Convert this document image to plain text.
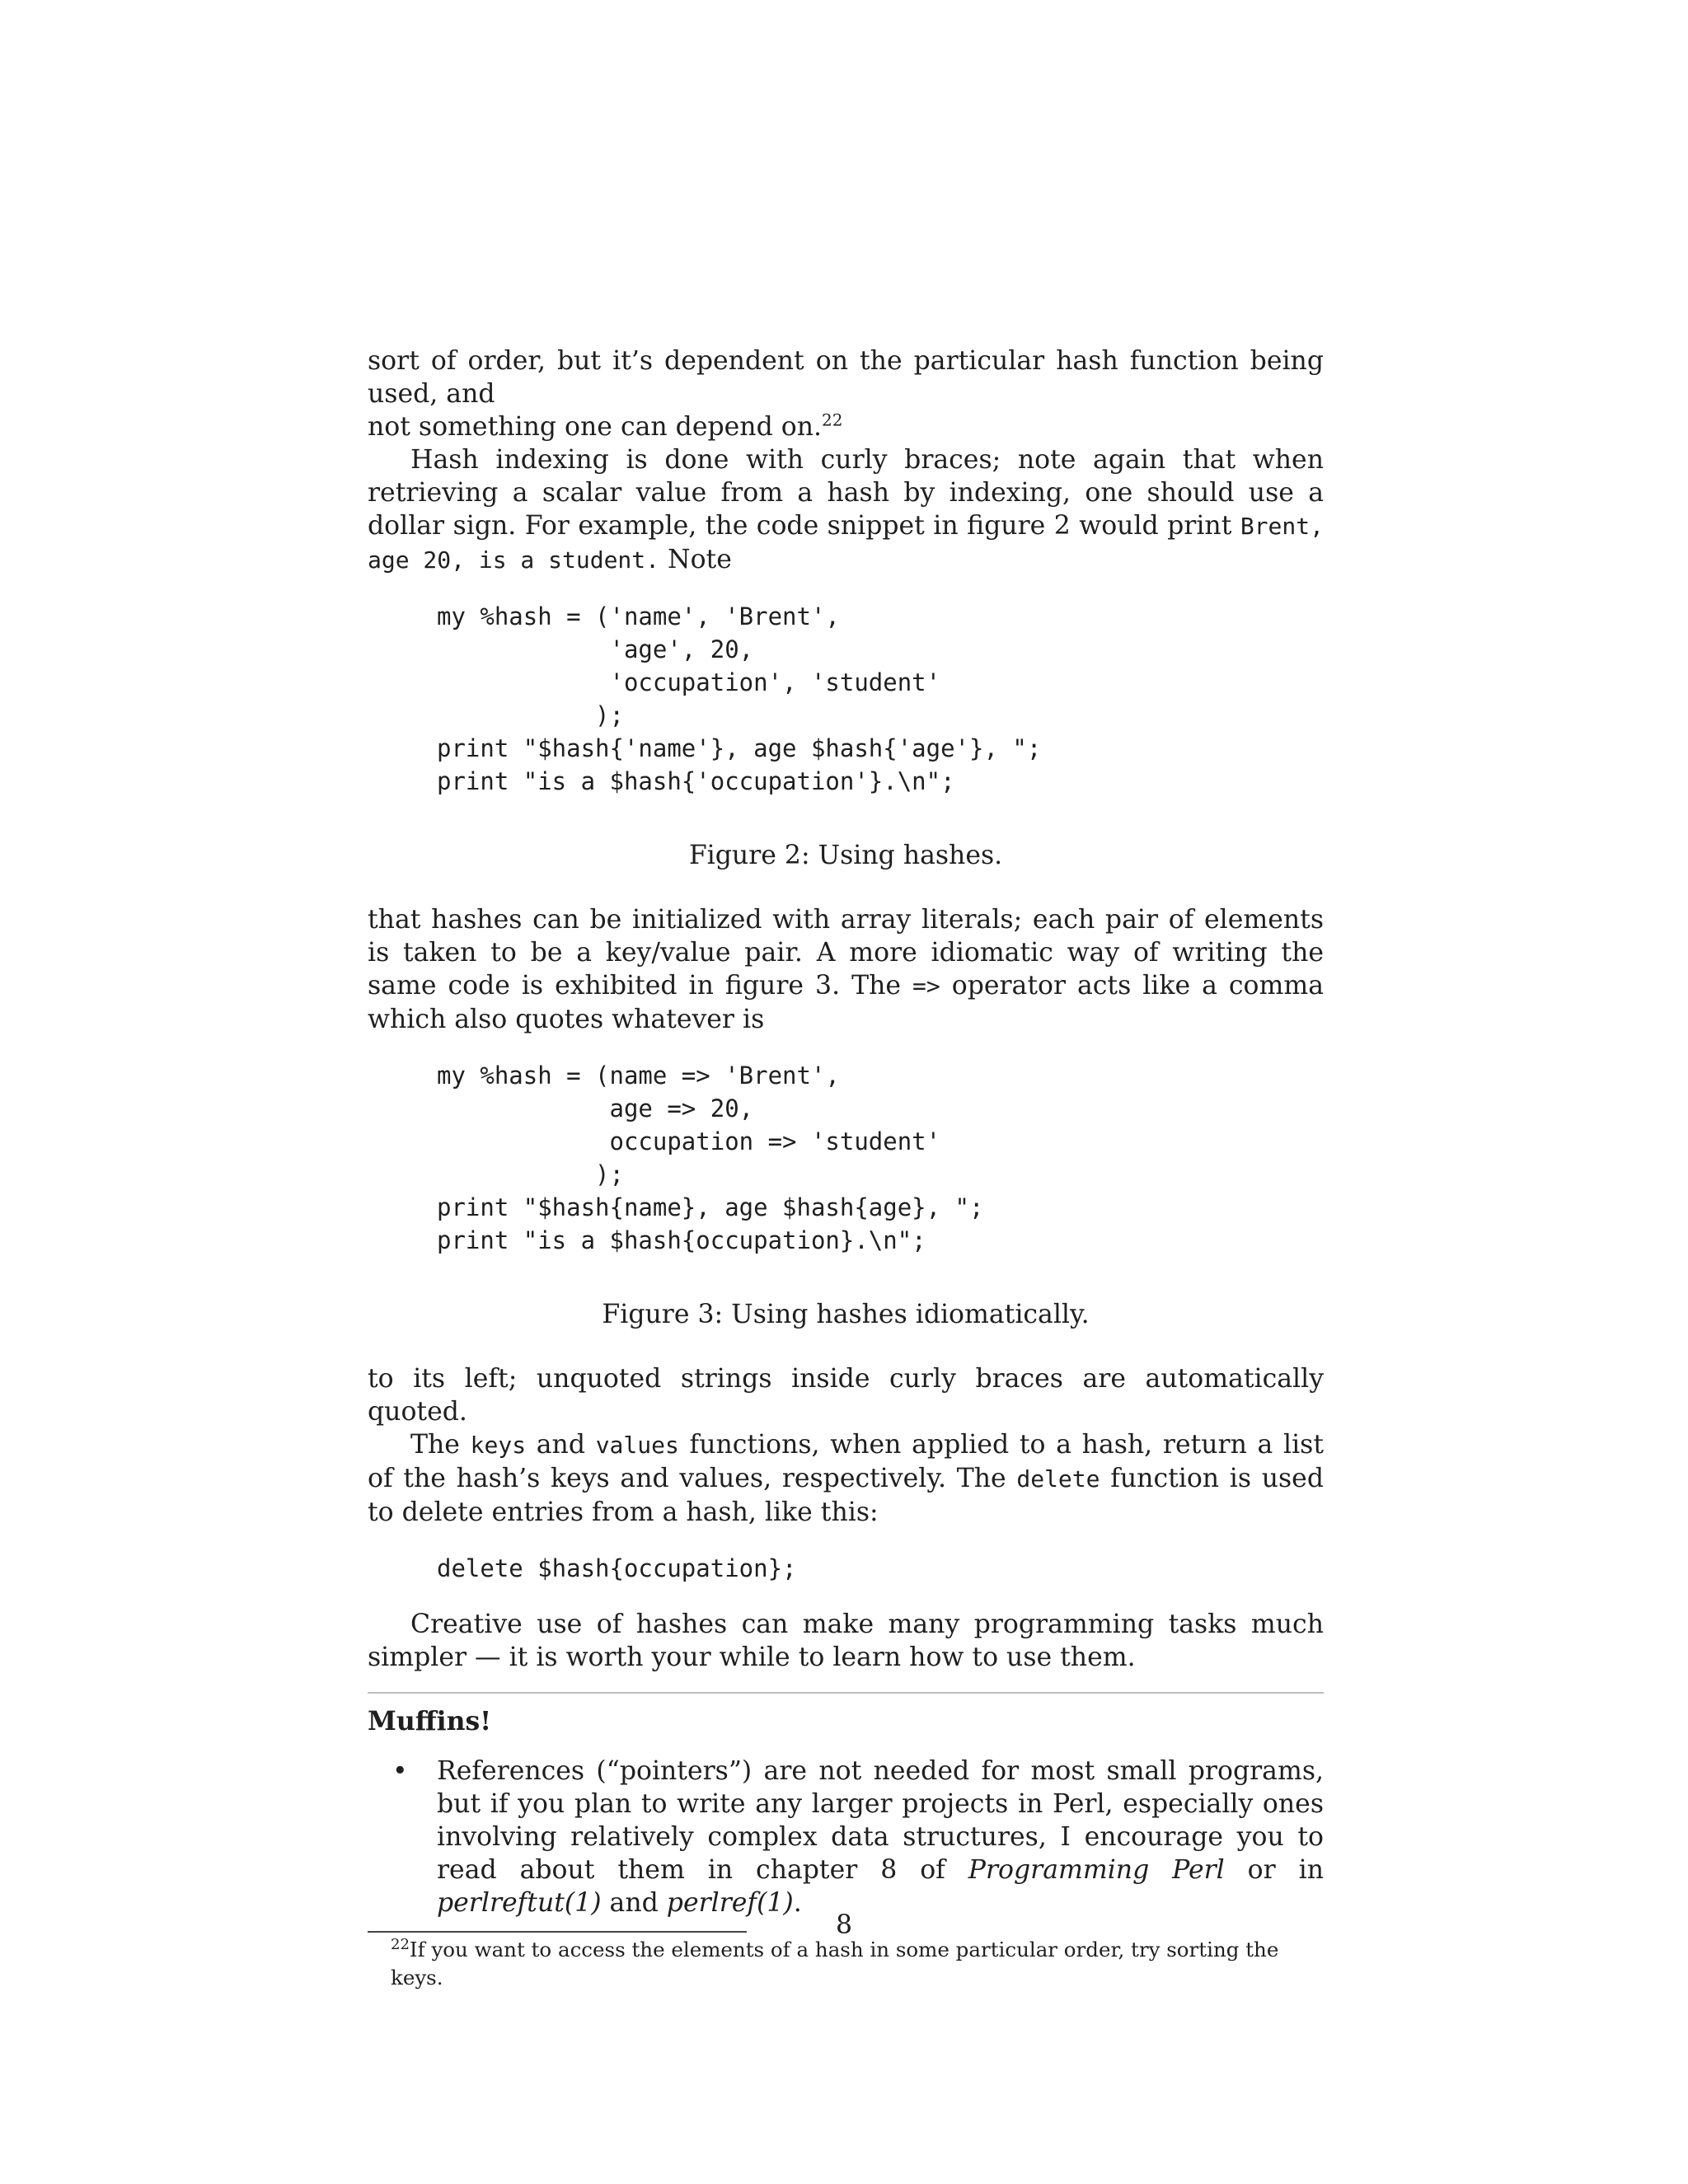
sort of order, but it’s dependent on the particular hash function being used, and
not something one can depend on.$^{22}$

Hash indexing is done with curly braces; note again that when retrieving a scalar value from a hash by indexing, one should use a dollar sign. For example, the code snippet in figure 2 would print Brent, age 20, is a student. Note

my %hash = ('name', 'Brent',
'age', 20,
'occupation', 'student'
);
print "$hash{'name'}, age $hash{'age'}, ";
print "is a $hash{'occupation'}.\n";

Figure 2: Using hashes.

that hashes can be initialized with array literals; each pair of elements is taken to be a key/value pair. A more idiomatic way of writing the same code is exhibited in figure 3. The => operator acts like a comma which also quotes whatever is

my %hash = (name => 'Brent',
age => 20,
occupation => 'student'
);
print "$hash{name}, age $hash{age}, ";
print "is a $hash{occupation}.\n";

Figure 3: Using hashes idiomatically.

to its left; unquoted strings inside curly braces are automatically quoted.

The keys and values functions, when applied to a hash, return a list of the hash’s keys and values, respectively. The delete function is used to delete entries from a hash, like this:

delete $hash{occupation};

Creative use of hashes can make many programming tasks much simpler — it is worth your while to learn how to use them.

Muffins!

•	References (“pointers”) are not needed for most small programs, but if you plan to write any larger projects in Perl, especially ones involving relatively complex data structures, I encourage you to read about them in chapter 8 of Programming Perl or in perlreftut(1) and perlref(1).

$^{22}$If you want to access the elements of a hash in some particular order, try sorting the keys.

8
